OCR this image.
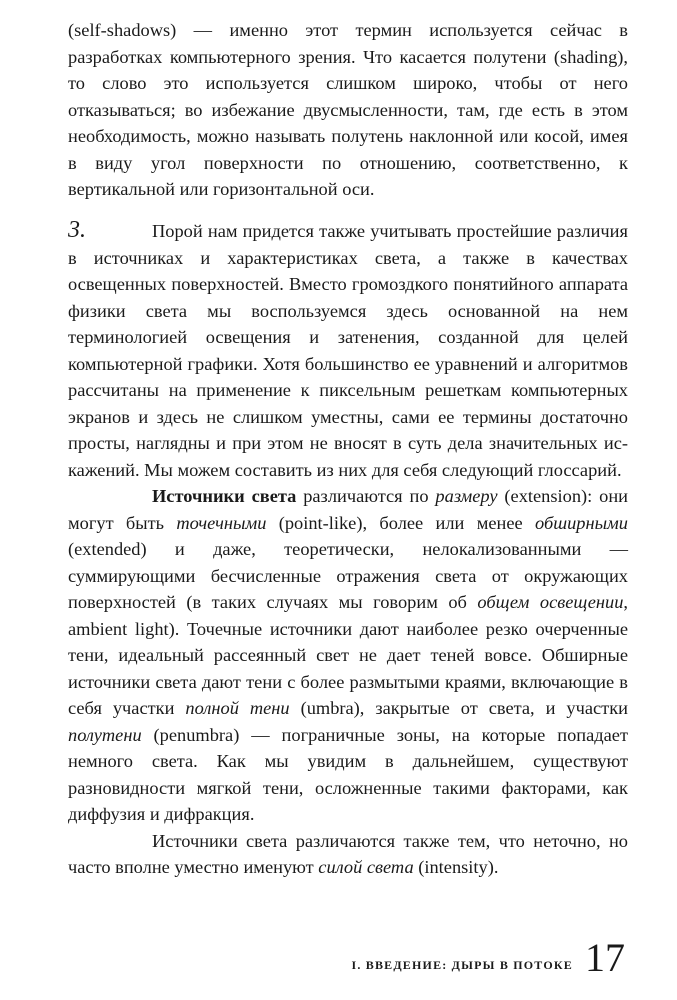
(self-shadows) — именно этот термин используется сейчас в разработках компьютерного зрения. Что касается полутени (shading), то слово это используется слишком широко, чтобы от него отказываться; во избежание двусмысленности, там, где есть в этом необходимость, можно называть полутень наклонной или косой, имея в виду угол поверхности по отношению, соответственно, к вертикальной или горизонтальной оси.

3.	Порой нам придется также учитывать простейшие различия в источниках и характеристиках света, а также в качествах освещенных поверхностей. Вместо громоздкого понятийного аппарата физики света мы воспользуемся здесь основанной на нем терминологией освещения и затенения, созданной для целей компьютерной графики. Хотя большинство ее уравнений и алгоритмов рассчитаны на применение к пиксельным решеткам компьютерных экранов и здесь не слишком уместны, сами ее термины достаточно просты, наглядны и при этом не вносят в суть дела значительных искажений. Мы можем составить из них для себя следующий глоссарий.

Источники света различаются по размеру (extension): они могут быть точечными (point-like), более или менее обширными (extended) и даже, теоретически, нелокализованными — суммирующими бесчисленные отражения света от окружающих поверхностей (в таких случаях мы говорим об общем освещении, ambient light). Точечные источники дают наиболее резко очерченные тени, идеальный рассеянный свет не дает теней вовсе. Обширные источники света дают тени с более размытыми краями, включающие в себя участки полной тени (umbra), закрытые от света, и участки полутени (penumbra) — пограничные зоны, на которые попадает немного света. Как мы увидим в дальнейшем, существуют разновидности мягкой тени, осложненные такими факторами, как диффузия и дифракция.

Источники света различаются также тем, что неточно, но часто вполне уместно именуют силой света (intensity).

I. ВВЕДЕНИЕ: ДЫРЫ В ПОТОКЕ 17
